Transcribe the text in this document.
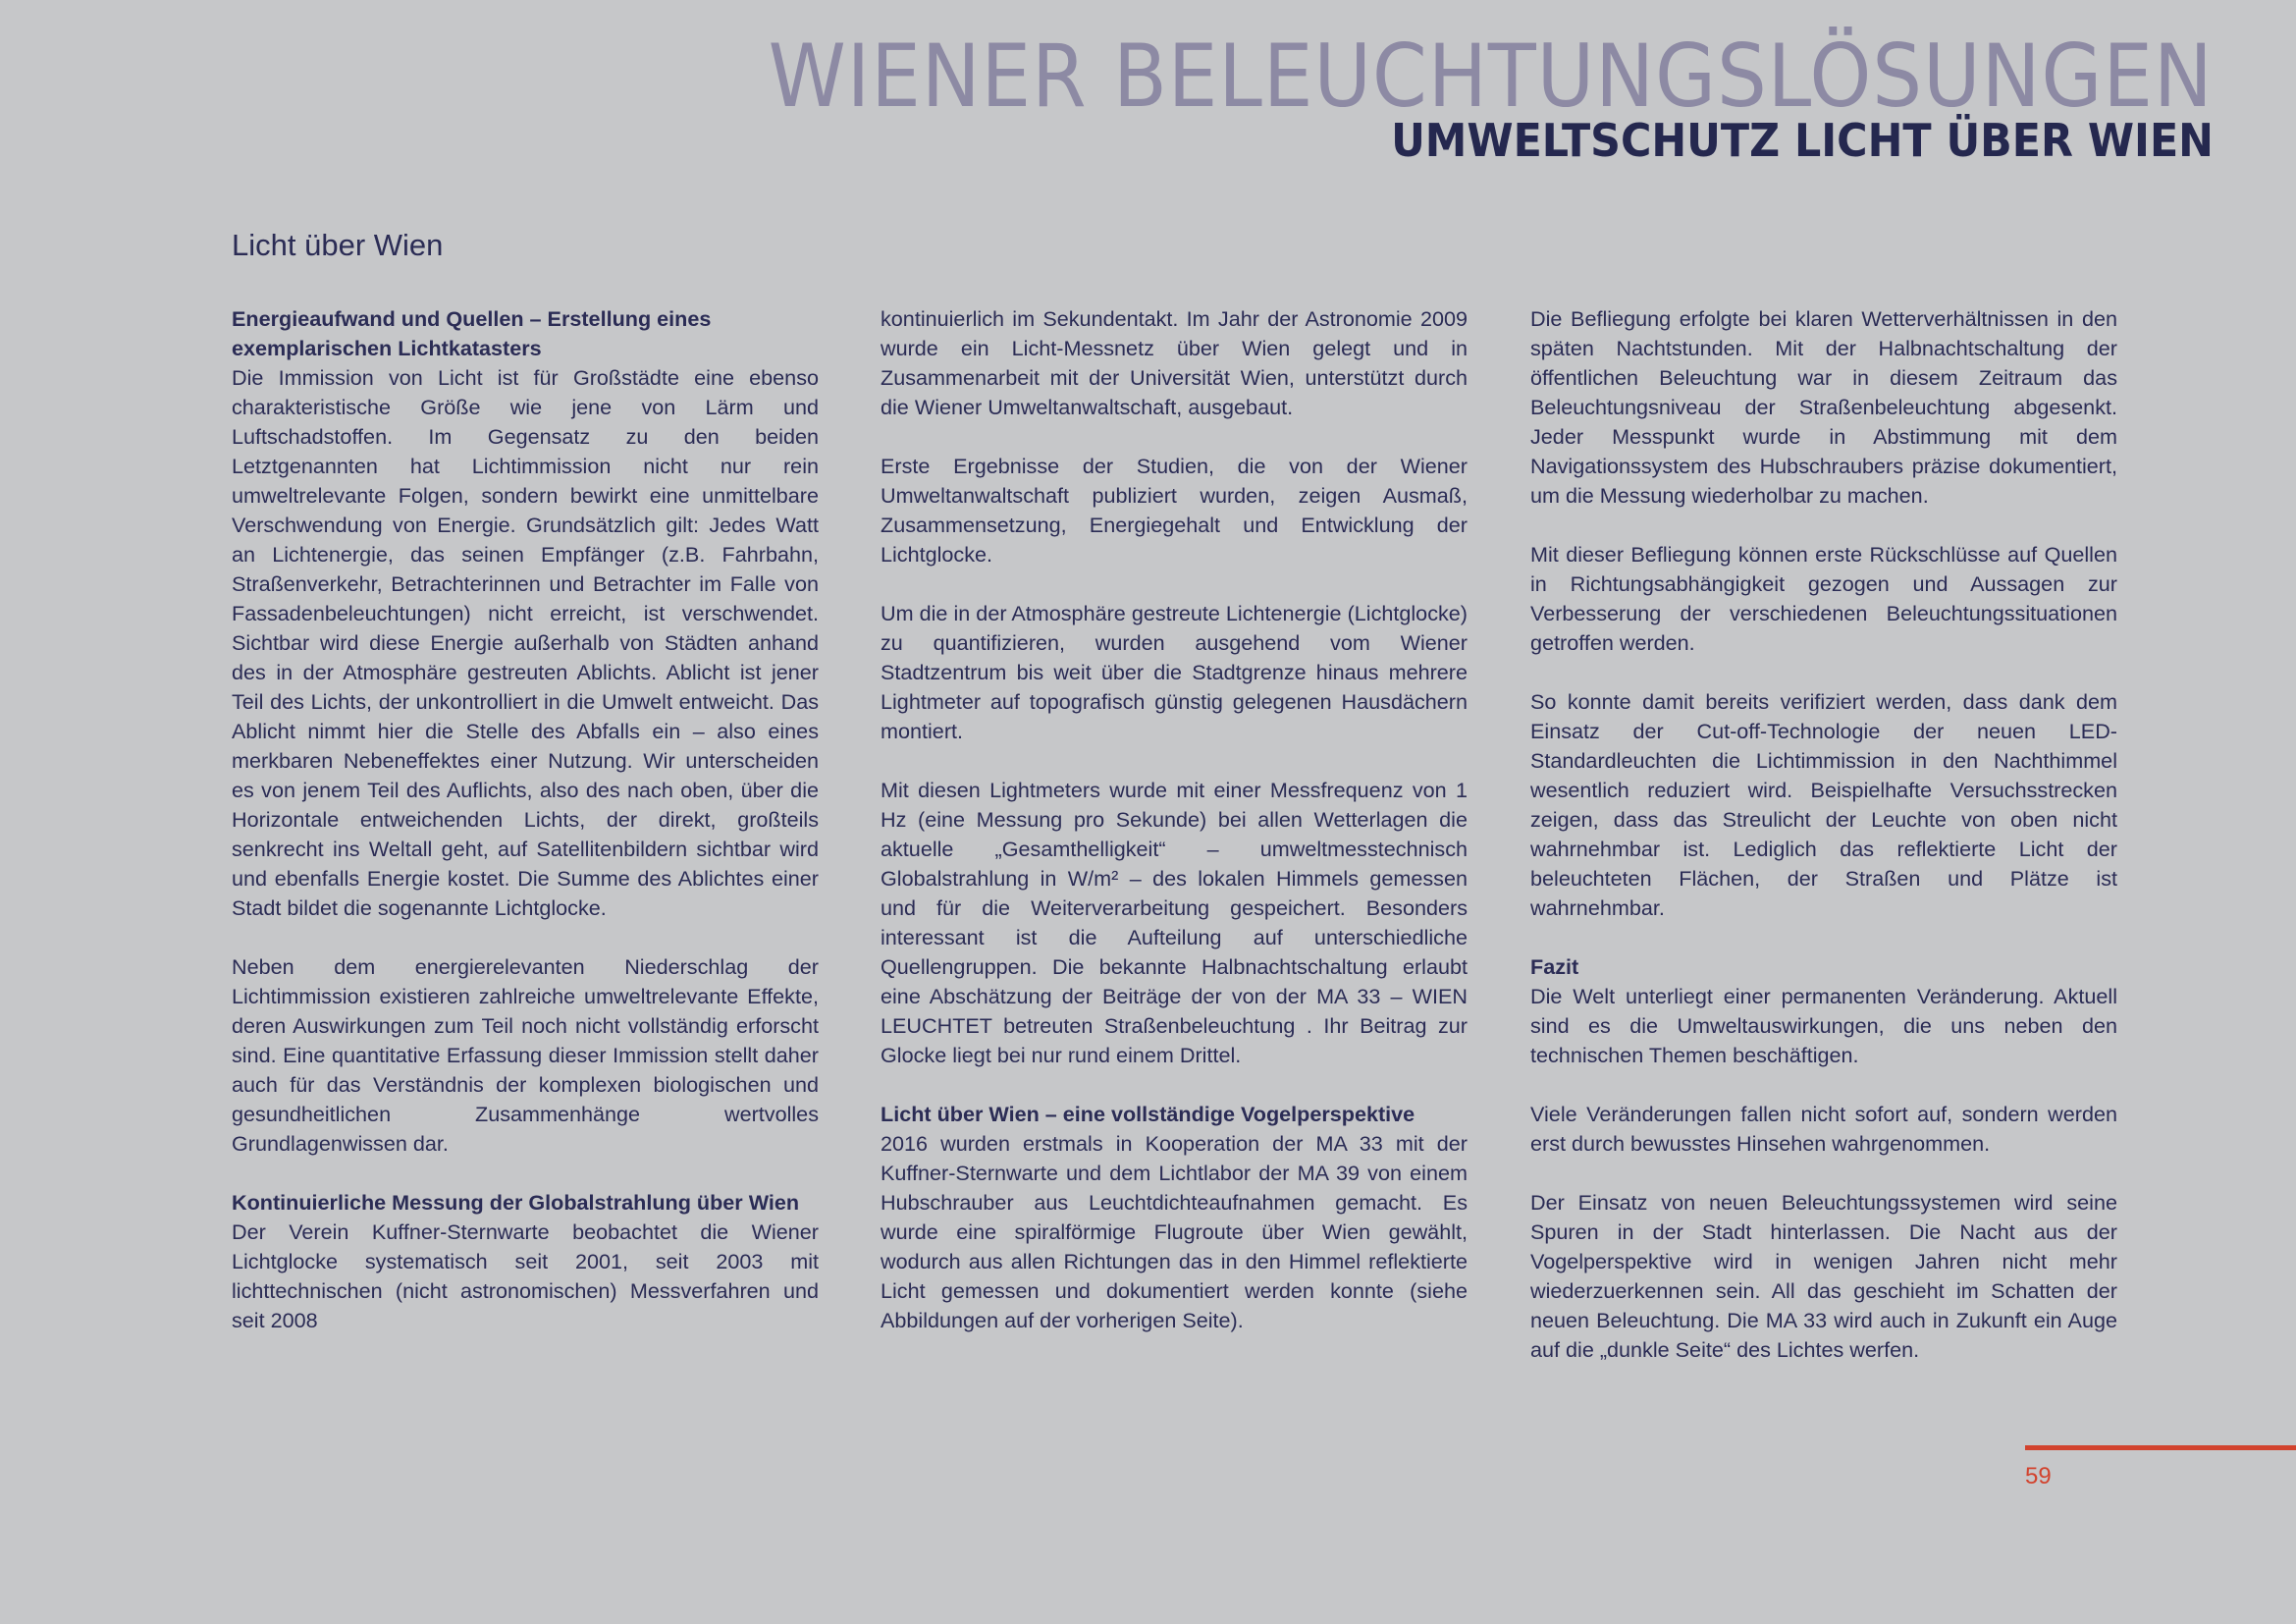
WIENER BELEUCHTUNGSLÖSUNGEN
UMWELTSCHUTZ LICHT ÜBER WIEN
Licht über Wien

Energieaufwand und Quellen – Erstellung eines exemplarischen Lichtkatasters
Die Immission von Licht ist für Großstädte eine ebenso charakteristische Größe wie jene von Lärm und Luftschadstoffen. Im Gegensatz zu den beiden Letztgenannten hat Lichtimmission nicht nur rein umweltrelevante Folgen, sondern bewirkt eine unmittelbare Verschwendung von Energie. Grundsätzlich gilt: Jedes Watt an Lichtenergie, das seinen Empfänger (z.B. Fahrbahn, Straßenverkehr, Betrachterinnen und Betrachter im Falle von Fassadenbeleuchtungen) nicht erreicht, ist verschwendet. Sichtbar wird diese Energie außerhalb von Städten anhand des in der Atmosphäre gestreuten Ablichts. Ablicht ist jener Teil des Lichts, der unkontrolliert in die Umwelt entweicht. Das Ablicht nimmt hier die Stelle des Abfalls ein – also eines merkbaren Nebeneffektes einer Nutzung. Wir unterscheiden es von jenem Teil des Auflichts, also des nach oben, über die Horizontale entweichenden Lichts, der direkt, großteils senkrecht ins Weltall geht, auf Satellitenbildern sichtbar wird und ebenfalls Energie kostet. Die Summe des Ablichtes einer Stadt bildet die sogenannte Lichtglocke.

Neben dem energierelevanten Niederschlag der Lichtimmission existieren zahlreiche umweltrelevante Effekte, deren Auswirkungen zum Teil noch nicht vollständig erforscht sind. Eine quantitative Erfassung dieser Immission stellt daher auch für das Verständnis der komplexen biologischen und gesundheitlichen Zusammenhänge wertvolles Grundlagenwissen dar.

Kontinuierliche Messung der Globalstrahlung über Wien
Der Verein Kuffner-Sternwarte beobachtet die Wiener Lichtglocke systematisch seit 2001, seit 2003 mit lichttechnischen (nicht astronomischen) Messverfahren und seit 2008

kontinuierlich im Sekundentakt. Im Jahr der Astronomie 2009 wurde ein Licht-Messnetz über Wien gelegt und in Zusammenarbeit mit der Universität Wien, unterstützt durch die Wiener Umweltanwaltschaft, ausgebaut.

Erste Ergebnisse der Studien, die von der Wiener Umweltanwaltschaft publiziert wurden, zeigen Ausmaß, Zusammensetzung, Energiegehalt und Entwicklung der Lichtglocke.

Um die in der Atmosphäre gestreute Lichtenergie (Lichtglocke) zu quantifizieren, wurden ausgehend vom Wiener Stadtzentrum bis weit über die Stadtgrenze hinaus mehrere Lightmeter auf topografisch günstig gelegenen Hausdächern montiert.

Mit diesen Lightmeters wurde mit einer Messfrequenz von 1 Hz (eine Messung pro Sekunde) bei allen Wetterlagen die aktuelle „Gesamthelligkeit“ – umweltmesstechnisch Globalstrahlung in W/m² – des lokalen Himmels gemessen und für die Weiterverarbeitung gespeichert. Besonders interessant ist die Aufteilung auf unterschiedliche Quellengruppen. Die bekannte Halbnachtschaltung erlaubt eine Abschätzung der Beiträge der von der MA 33 – WIEN LEUCHTET betreuten Straßenbeleuchtung . Ihr Beitrag zur Glocke liegt bei nur rund einem Drittel.

Licht über Wien – eine vollständige Vogelperspektive
2016 wurden erstmals in Kooperation der MA 33 mit der Kuffner-Sternwarte und dem Lichtlabor der MA 39 von einem Hubschrauber aus Leuchtdichteaufnahmen gemacht. Es wurde eine spiralförmige Flugroute über Wien gewählt, wodurch aus allen Richtungen das in den Himmel reflektierte Licht gemessen und dokumentiert werden konnte (siehe Abbildungen auf der vorherigen Seite).

Die Befliegung erfolgte bei klaren Wetterverhältnissen in den späten Nachtstunden. Mit der Halbnachtschaltung der öffentlichen Beleuchtung war in diesem Zeitraum das Beleuchtungsniveau der Straßenbeleuchtung abgesenkt. Jeder Messpunkt wurde in Abstimmung mit dem Navigationssystem des Hubschraubers präzise dokumentiert, um die Messung wiederholbar zu machen.

Mit dieser Befliegung können erste Rückschlüsse auf Quellen in Richtungsabhängigkeit gezogen und Aussagen zur Verbesserung der verschiedenen Beleuchtungssituationen getroffen werden.

So konnte damit bereits verifiziert werden, dass dank dem Einsatz der Cut-off-Technologie der neuen LED-Standardleuchten die Lichtimmission in den Nachthimmel wesentlich reduziert wird. Beispielhafte Versuchsstrecken zeigen, dass das Streulicht der Leuchte von oben nicht wahrnehmbar ist. Lediglich das reflektierte Licht der beleuchteten Flächen, der Straßen und Plätze ist wahrnehmbar.

Fazit
Die Welt unterliegt einer permanenten Veränderung. Aktuell sind es die Umweltauswirkungen, die uns neben den technischen Themen beschäftigen.

Viele Veränderungen fallen nicht sofort auf, sondern werden erst durch bewusstes Hinsehen wahrgenommen.

Der Einsatz von neuen Beleuchtungssystemen wird seine Spuren in der Stadt hinterlassen. Die Nacht aus der Vogelperspektive wird in wenigen Jahren nicht mehr wiederzuerkennen sein. All das geschieht im Schatten der neuen Beleuchtung. Die MA 33 wird auch in Zukunft ein Auge auf die „dunkle Seite“ des Lichtes werfen.

59
